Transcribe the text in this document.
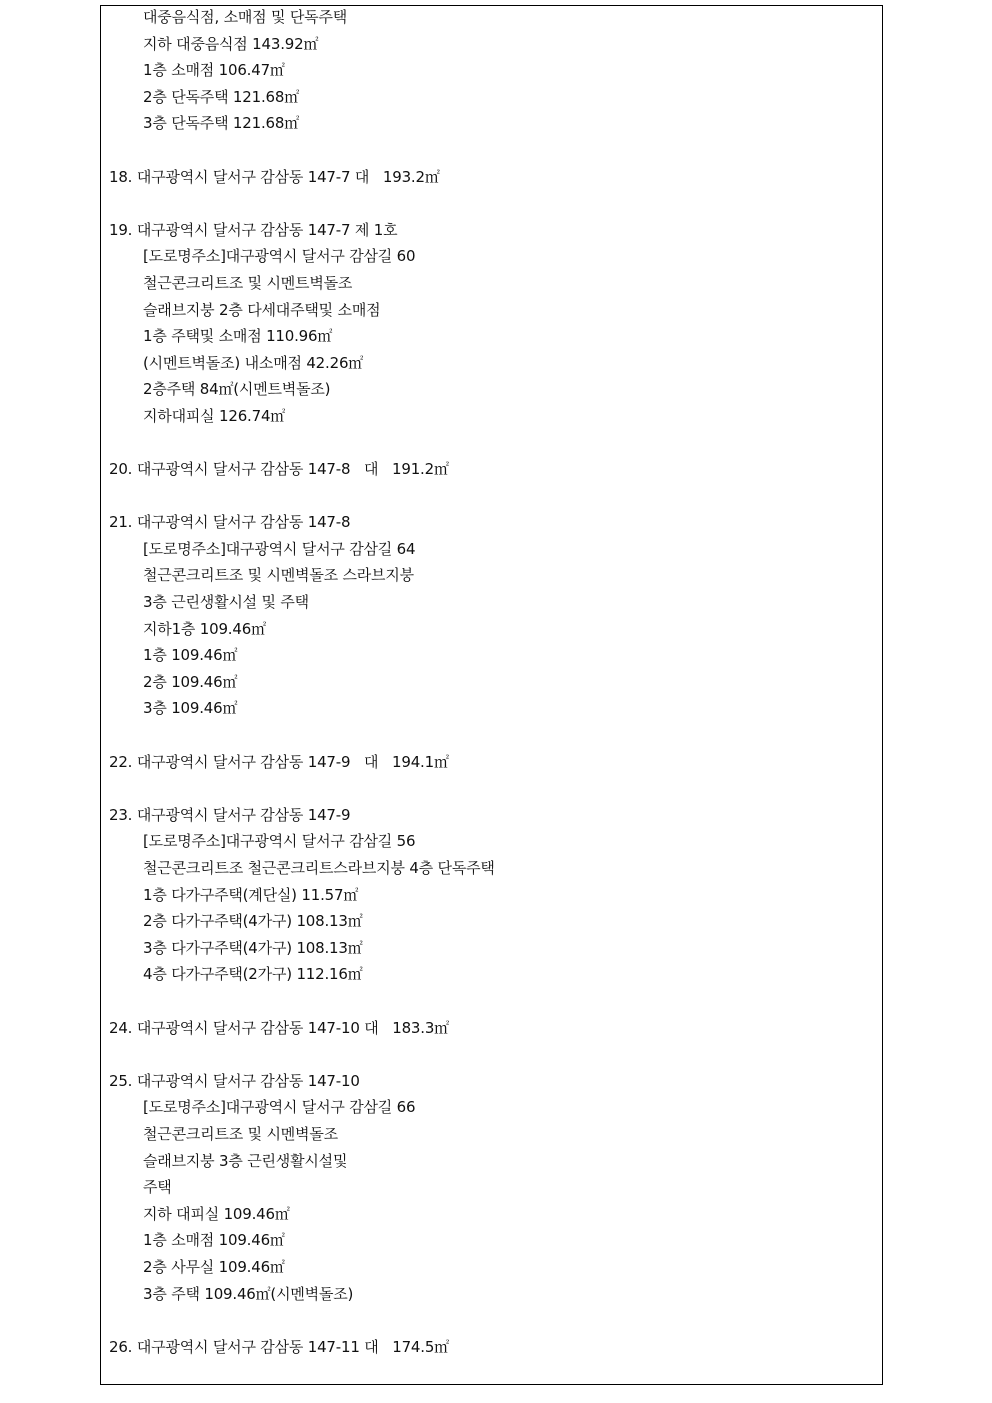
대중음식점, 소매점 및 단독주택
지하 대중음식점 143.92㎡
1층 소매점 106.47㎡
2층 단독주택 121.68㎡
3층 단독주택 121.68㎡
18. 대구광역시 달서구 감삼동 147-7 대   193.2㎡
19. 대구광역시 달서구 감삼동 147-7 제 1호
[도로명주소]대구광역시 달서구 감삼길 60
철근콘크리트조 및 시멘트벽돌조
슬래브지붕 2층 다세대주택및 소매점
1층 주택및 소매점 110.96㎡
(시멘트벽돌조) 내소매점 42.26㎡
2층주택 84㎡(시멘트벽돌조)
지하대피실 126.74㎡
20. 대구광역시 달서구 감삼동 147-8   대   191.2㎡
21. 대구광역시 달서구 감삼동 147-8
[도로명주소]대구광역시 달서구 감삼길 64
철근콘크리트조 및 시멘벽돌조 스라브지붕
3층 근린생활시설 및 주택
지하1층 109.46㎡
1층 109.46㎡
2층 109.46㎡
3층 109.46㎡
22. 대구광역시 달서구 감삼동 147-9   대   194.1㎡
23. 대구광역시 달서구 감삼동 147-9
[도로명주소]대구광역시 달서구 감삼길 56
철근콘크리트조 철근콘크리트스라브지붕 4층 단독주택
1층 다가구주택(계단실) 11.57㎡
2층 다가구주택(4가구) 108.13㎡
3층 다가구주택(4가구) 108.13㎡
4층 다가구주택(2가구) 112.16㎡
24. 대구광역시 달서구 감삼동 147-10 대   183.3㎡
25. 대구광역시 달서구 감삼동 147-10
[도로명주소]대구광역시 달서구 감삼길 66
철근콘크리트조 및 시멘벽돌조
슬래브지붕 3층 근린생활시설및
주택
지하 대피실 109.46㎡
1층 소매점 109.46㎡
2층 사무실 109.46㎡
3층 주택 109.46㎡(시멘벽돌조)
26. 대구광역시 달서구 감삼동 147-11 대   174.5㎡
